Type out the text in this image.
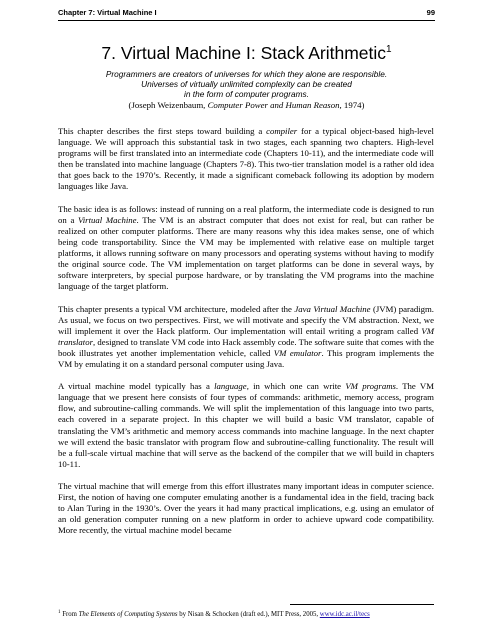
Chapter 7: Virtual Machine I	99
7. Virtual Machine I: Stack Arithmetic$^1$
Programmers are creators of universes for which they alone are responsible.
Universes of virtually unlimited complexity can be created
in the form of computer programs.
(Joseph Weizenbaum, Computer Power and Human Reason, 1974)

This chapter describes the first steps toward building a compiler for a typical object-based high-level language. We will approach this substantial task in two stages, each spanning two chapters. High-level programs will be first translated into an intermediate code (Chapters 10-11), and the intermediate code will then be translated into machine language (Chapters 7-8). This two-tier translation model is a rather old idea that goes back to the 1970’s. Recently, it made a significant comeback following its adoption by modern languages like Java.

The basic idea is as follows: instead of running on a real platform, the intermediate code is designed to run on a Virtual Machine. The VM is an abstract computer that does not exist for real, but can rather be realized on other computer platforms. There are many reasons why this idea makes sense, one of which being code transportability. Since the VM may be implemented with relative ease on multiple target platforms, it allows running software on many processors and operating systems without having to modify the original source code. The VM implementation on target platforms can be done in several ways, by software interpreters, by special purpose hardware, or by translating the VM programs into the machine language of the target platform.

This chapter presents a typical VM architecture, modeled after the Java Virtual Machine (JVM) paradigm. As usual, we focus on two perspectives. First, we will motivate and specify the VM abstraction. Next, we will implement it over the Hack platform. Our implementation will entail writing a program called VM translator, designed to translate VM code into Hack assembly code. The software suite that comes with the book illustrates yet another implementation vehicle, called VM emulator. This program implements the VM by emulating it on a standard personal computer using Java.

A virtual machine model typically has a language, in which one can write VM programs. The VM language that we present here consists of four types of commands: arithmetic, memory access, program flow, and subroutine-calling commands. We will split the implementation of this language into two parts, each covered in a separate project. In this chapter we will build a basic VM translator, capable of translating the VM’s arithmetic and memory access commands into machine language. In the next chapter we will extend the basic translator with program flow and subroutine-calling functionality. The result will be a full-scale virtual machine that will serve as the backend of the compiler that we will build in chapters 10-11.

The virtual machine that will emerge from this effort illustrates many important ideas in computer science. First, the notion of having one computer emulating another is a fundamental idea in the field, tracing back to Alan Turing in the 1930’s. Over the years it had many practical implications, e.g. using an emulator of an old generation computer running on a new platform in order to achieve upward code compatibility. More recently, the virtual machine model became

$^1$ From The Elements of Computing Systems by Nisan & Schocken (draft ed.), MIT Press, 2005, www.idc.ac.il/tecs
